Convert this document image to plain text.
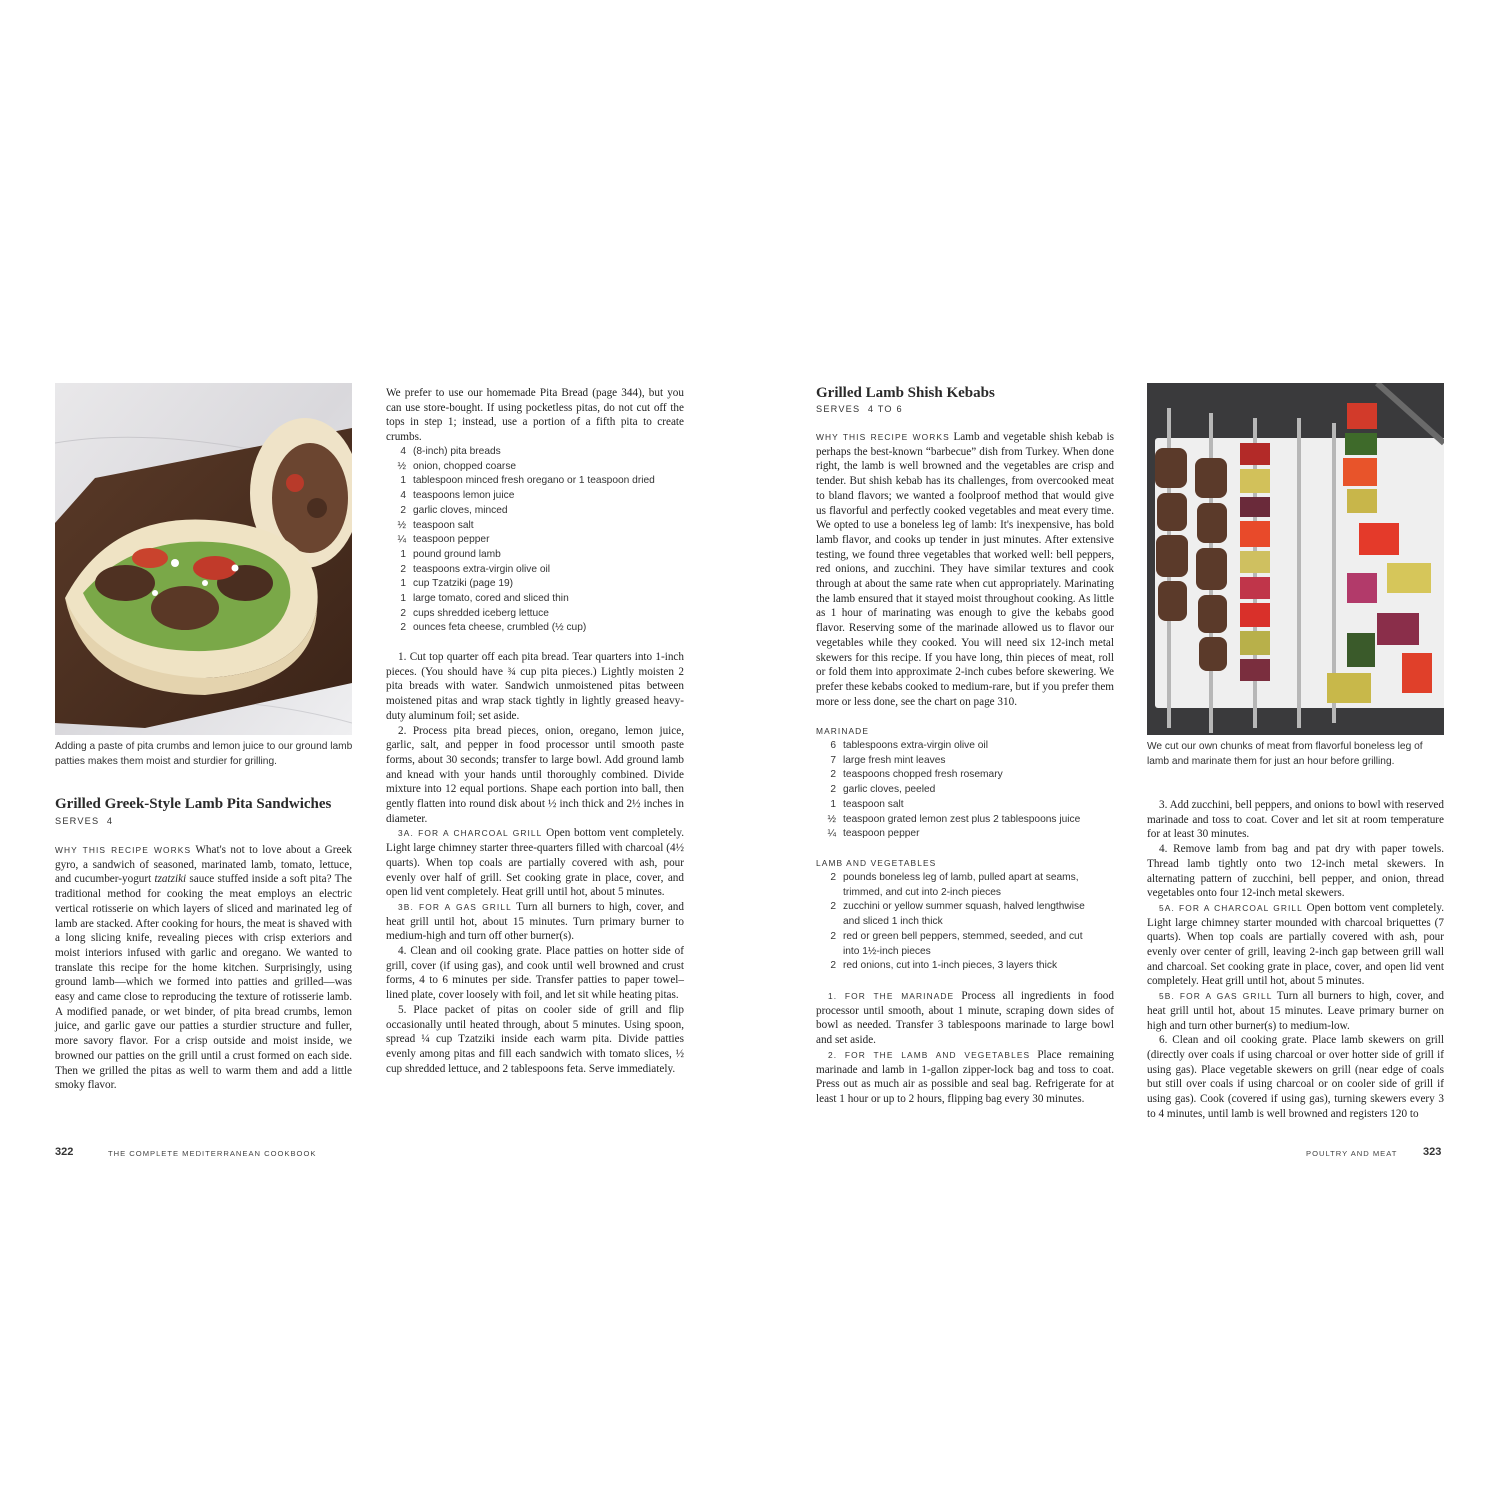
Adding a paste of pita crumbs and lemon juice to our ground lamb patties makes them moist and sturdier for grilling.
Grilled Greek-Style Lamb Pita Sandwiches
SERVES 4
WHY THIS RECIPE WORKS What's not to love about a Greek gyro, a sandwich of seasoned, marinated lamb, tomato, lettuce, and cucumber-yogurt tzatziki sauce stuffed inside a soft pita? The traditional method for cooking the meat employs an electric vertical rotisserie on which layers of sliced and marinated leg of lamb are stacked. After cooking for hours, the meat is shaved with a long slicing knife, revealing pieces with crisp exteriors and moist interiors infused with garlic and oregano. We wanted to translate this recipe for the home kitchen. Surprisingly, using ground lamb—which we formed into patties and grilled—was easy and came close to reproducing the texture of rotisserie lamb. A modified panade, or wet binder, of pita bread crumbs, lemon juice, and garlic gave our patties a sturdier structure and fuller, more savory flavor. For a crisp outside and moist inside, we browned our patties on the grill until a crust formed on each side. Then we grilled the pitas as well to warm them and add a little smoky flavor.
We prefer to use our homemade Pita Bread (page 344), but you can use store-bought. If using pocketless pitas, do not cut off the tops in step 1; instead, use a portion of a fifth pita to create crumbs.
4 (8-inch) pita breads
½ onion, chopped coarse
1 tablespoon minced fresh oregano or 1 teaspoon dried
4 teaspoons lemon juice
2 garlic cloves, minced
½ teaspoon salt
¼ teaspoon pepper
1 pound ground lamb
2 teaspoons extra-virgin olive oil
1 cup Tzatziki (page 19)
1 large tomato, cored and sliced thin
2 cups shredded iceberg lettuce
2 ounces feta cheese, crumbled (½ cup)

1. Cut top quarter off each pita bread. Tear quarters into 1-inch pieces. (You should have ¾ cup pita pieces.) Lightly moisten 2 pita breads with water. Sandwich unmoistened pitas between moistened pitas and wrap stack tightly in lightly greased heavy-duty aluminum foil; set aside.

2. Process pita bread pieces, onion, oregano, lemon juice, garlic, salt, and pepper in food processor until smooth paste forms, about 30 seconds; transfer to large bowl. Add ground lamb and knead with your hands until thoroughly combined. Divide mixture into 12 equal portions. Shape each portion into ball, then gently flatten into round disk about ½ inch thick and 2½ inches in diameter.

3A. FOR A CHARCOAL GRILL Open bottom vent completely. Light large chimney starter three-quarters filled with charcoal (4½ quarts). When top coals are partially covered with ash, pour evenly over half of grill. Set cooking grate in place, cover, and open lid vent completely. Heat grill until hot, about 5 minutes.

3B. FOR A GAS GRILL Turn all burners to high, cover, and heat grill until hot, about 15 minutes. Turn primary burner to medium-high and turn off other burner(s).

4. Clean and oil cooking grate. Place patties on hotter side of grill, cover (if using gas), and cook until well browned and crust forms, 4 to 6 minutes per side. Transfer patties to paper towel–lined plate, cover loosely with foil, and let sit while heating pitas.

5. Place packet of pitas on cooler side of grill and flip occasionally until heated through, about 5 minutes. Using spoon, spread ¼ cup Tzatziki inside each warm pita. Divide patties evenly among pitas and fill each sandwich with tomato slices, ½ cup shredded lettuce, and 2 tablespoons feta. Serve immediately.

322	THE COMPLETE MEDITERRANEAN COOKBOOK
Grilled Lamb Shish Kebabs
SERVES 4 TO 6
WHY THIS RECIPE WORKS Lamb and vegetable shish kebab is perhaps the best-known “barbecue” dish from Turkey. When done right, the lamb is well browned and the vegetables are crisp and tender. But shish kebab has its challenges, from overcooked meat to bland flavors; we wanted a foolproof method that would give us flavorful and perfectly cooked vegetables and meat every time. We opted to use a boneless leg of lamb: It's inexpensive, has bold lamb flavor, and cooks up tender in just minutes. After extensive testing, we found three vegetables that worked well: bell peppers, red onions, and zucchini. They have similar textures and cook through at about the same rate when cut appropriately. Marinating the lamb ensured that it stayed moist throughout cooking. As little as 1 hour of marinating was enough to give the kebabs good flavor. Reserving some of the marinade allowed us to flavor our vegetables while they cooked. You will need six 12-inch metal skewers for this recipe. If you have long, thin pieces of meat, roll or fold them into approximate 2-inch cubes before skewering. We prefer these kebabs cooked to medium-rare, but if you prefer them more or less done, see the chart on page 310.
MARINADE
6 tablespoons extra-virgin olive oil
7 large fresh mint leaves
2 teaspoons chopped fresh rosemary
2 garlic cloves, peeled
1 teaspoon salt
½ teaspoon grated lemon zest plus 2 tablespoons juice
¼ teaspoon pepper
LAMB AND VEGETABLES
2 pounds boneless leg of lamb, pulled apart at seams,
trimmed, and cut into 2-inch pieces
2 zucchini or yellow summer squash, halved lengthwise
and sliced 1 inch thick
2 red or green bell peppers, stemmed, seeded, and cut
into 1½-inch pieces
2 red onions, cut into 1-inch pieces, 3 layers thick

1. FOR THE MARINADE Process all ingredients in food processor until smooth, about 1 minute, scraping down sides of bowl as needed. Transfer 3 tablespoons marinade to large bowl and set aside.

2. FOR THE LAMB AND VEGETABLES Place remaining marinade and lamb in 1-gallon zipper-lock bag and toss to coat. Press out as much air as possible and seal bag. Refrigerate for at least 1 hour or up to 2 hours, flipping bag every 30 minutes.

We cut our own chunks of meat from flavorful boneless leg of lamb and marinate them for just an hour before grilling.

3. Add zucchini, bell peppers, and onions to bowl with reserved marinade and toss to coat. Cover and let sit at room temperature for at least 30 minutes.

4. Remove lamb from bag and pat dry with paper towels. Thread lamb tightly onto two 12-inch metal skewers. In alternating pattern of zucchini, bell pepper, and onion, thread vegetables onto four 12-inch metal skewers.

5A. FOR A CHARCOAL GRILL Open bottom vent completely. Light large chimney starter mounded with charcoal briquettes (7 quarts). When top coals are partially covered with ash, pour evenly over center of grill, leaving 2-inch gap between grill wall and charcoal. Set cooking grate in place, cover, and open lid vent completely. Heat grill until hot, about 5 minutes.

5B. FOR A GAS GRILL Turn all burners to high, cover, and heat grill until hot, about 15 minutes. Leave primary burner on high and turn other burner(s) to medium-low.

6. Clean and oil cooking grate. Place lamb skewers on grill (directly over coals if using charcoal or over hotter side of grill if using gas). Place vegetable skewers on grill (near edge of coals but still over coals if using charcoal or on cooler side of grill if using gas). Cook (covered if using gas), turning skewers every 3 to 4 minutes, until lamb is well browned and registers 120 to

POULTRY AND MEAT 323
